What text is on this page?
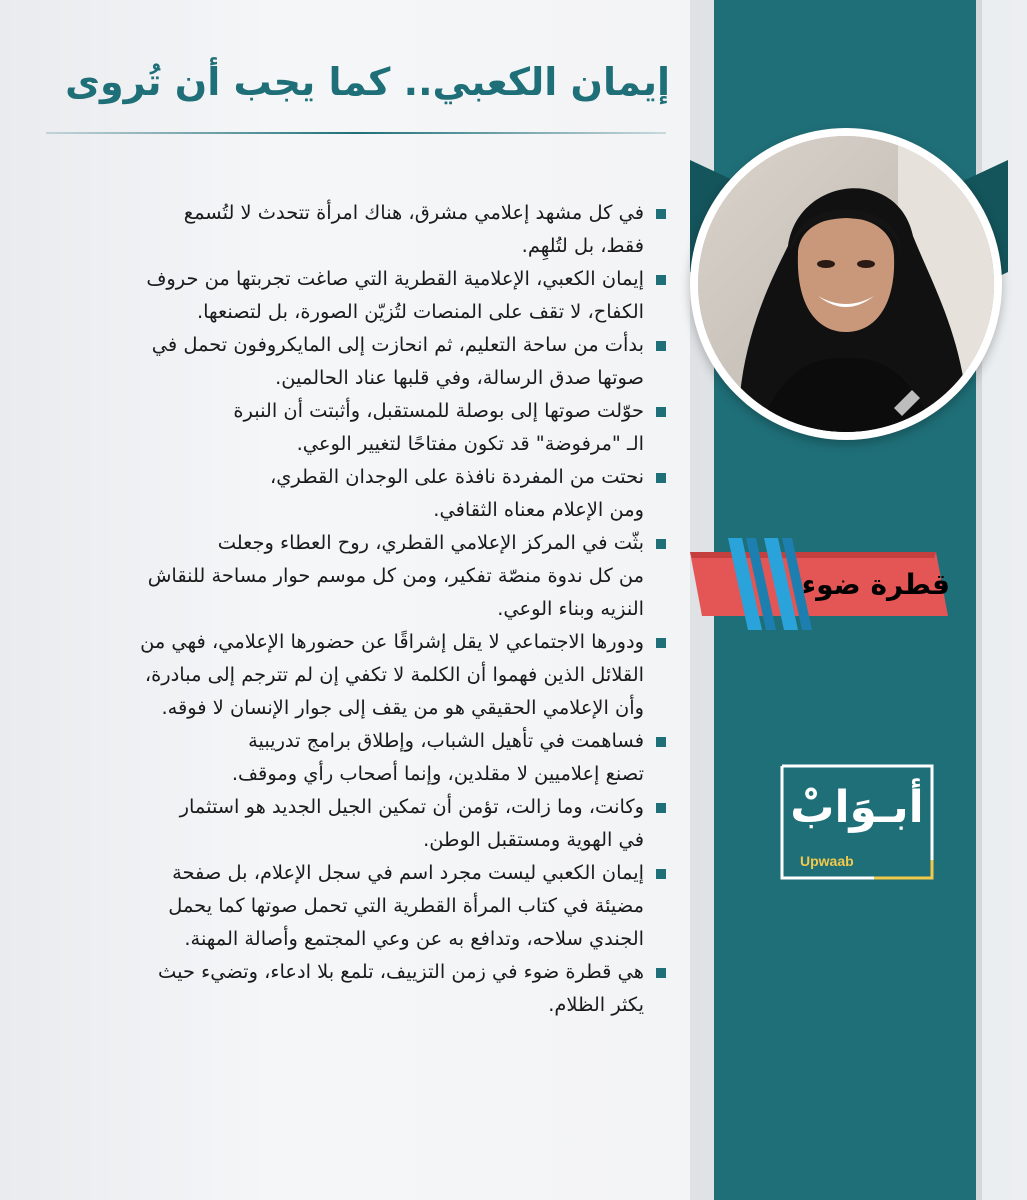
إيمان الكعبي.. كما يجب أن تُروى
في كل مشهد إعلامي مشرق، هناك امرأة تتحدث لا لتُسمع
فقط، بل لتُلهِم.
إيمان الكعبي، الإعلامية القطرية التي صاغت تجربتها من حروف
الكفاح، لا تقف على المنصات لتُزيّن الصورة، بل لتصنعها.
بدأت من ساحة التعليم، ثم انحازت إلى المايكروفون تحمل في
صوتها صدق الرسالة، وفي قلبها عناد الحالمين.
حوّلت صوتها إلى بوصلة للمستقبل، وأثبتت أن النبرة
الـ "مرفوضة" قد تكون مفتاحًا لتغيير الوعي.
نحتت من المفردة نافذة على الوجدان القطري،
ومن الإعلام معناه الثقافي.
بثّت في المركز الإعلامي القطري، روح العطاء وجعلت
من كل ندوة منصّة تفكير، ومن كل موسم حوار مساحة للنقاش
النزيه وبناء الوعي.
ودورها الاجتماعي لا يقل إشراقًا عن حضورها الإعلامي، فهي من
القلائل الذين فهموا أن الكلمة لا تكفي إن لم تترجم إلى مبادرة،
وأن الإعلامي الحقيقي هو من يقف إلى جوار الإنسان لا فوقه.
فساهمت في تأهيل الشباب، وإطلاق برامج تدريبية
تصنع إعلاميين لا مقلدين، وإنما أصحاب رأي وموقف.
وكانت، وما زالت، تؤمن أن تمكين الجيل الجديد هو استثمار
في الهوية ومستقبل الوطن.
إيمان الكعبي ليست مجرد اسم في سجل الإعلام، بل صفحة
مضيئة في كتاب المرأة القطرية التي تحمل صوتها كما يحمل
الجندي سلاحه، وتدافع به عن وعي المجتمع وأصالة المهنة.
هي قطرة ضوء في زمن التزييف، تلمع بلا ادعاء، وتضيء حيث
يكثر الظلام.
قطرة ضوء
أبـوَابْ
Upwaab
